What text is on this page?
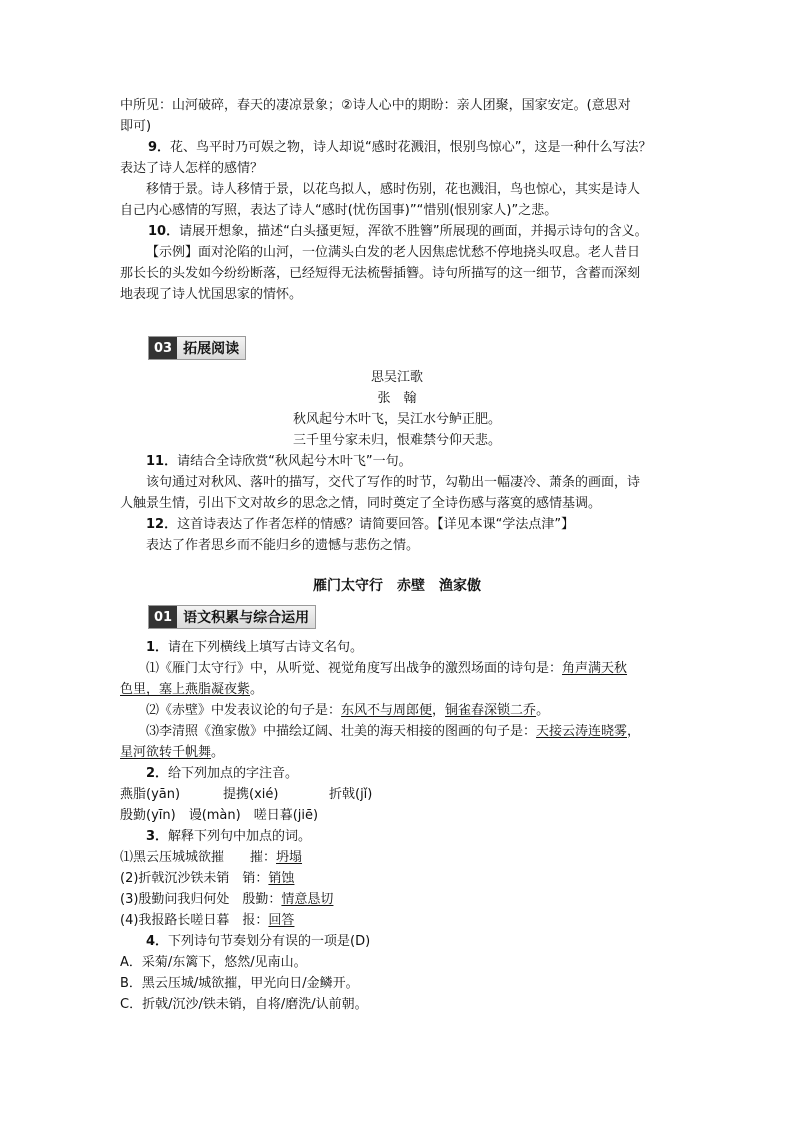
中所见：山河破碎，春天的凄凉景象；②诗人心中的期盼：亲人团聚，国家安定。(意思对
即可)
9．花、鸟平时乃可娱之物，诗人却说“感时花溅泪，恨别鸟惊心”，这是一种什么写法？
表达了诗人怎样的感情？
移情于景。诗人移情于景，以花鸟拟人，感时伤别，花也溅泪，鸟也惊心，其实是诗人
自己内心感情的写照，表达了诗人“感时(忧伤国事)”“惜别(恨别家人)”之悲。
10．请展开想象，描述“白头搔更短，浑欲不胜簪”所展现的画面，并揭示诗句的含义。
【示例】面对沦陷的山河，一位满头白发的老人因焦虑忧愁不停地挠头叹息。老人昔日
那长长的头发如今纷纷断落，已经短得无法梳髻插簪。诗句所描写的这一细节，含蓄而深刻
地表现了诗人忧国思家的情怀。
03 拓展阅读
思吴江歌
张　翰
秋风起兮木叶飞，吴江水兮鲈正肥。
三千里兮家未归，恨难禁兮仰天悲。
11．请结合全诗欣赏“秋风起兮木叶飞”一句。
该句通过对秋风、落叶的描写，交代了写作的时节，勾勒出一幅凄冷、萧条的画面，诗
人触景生情，引出下文对故乡的思念之情，同时奠定了全诗伤感与落寞的感情基调。
12．这首诗表达了作者怎样的情感？请简要回答。【详见本课“学法点津”】
表达了作者思乡而不能归乡的遗憾与悲伤之情。
雁门太守行　赤壁　渔家傲
01 语文积累与综合运用
1．请在下列横线上填写古诗文名句。
⑴《雁门太守行》中，从听觉、视觉角度写出战争的激烈场面的诗句是：角声满天秋
色里，塞上燕脂凝夜紫。
⑵《赤壁》中发表议论的句子是：东风不与周郎便，铜雀春深锁二乔。
⑶李清照《渔家傲》中描绘辽阔、壮美的海天相接的图画的句子是：天接云涛连晓雾，
星河欲转千帆舞。
2．给下列加点的字注音。
燕脂(yān)	提携(xié)	折戟(jǐ)
殷勤(yīn)　谩(màn)　嗟日暮(jiē)
3．解释下列句中加点的词。
⑴黑云压城城欲摧　　摧：坍塌
(2)折戟沉沙铁未销　销：销蚀
(3)殷勤问我归何处　殷勤：情意恳切
(4)我报路长嗟日暮　报：回答
4．下列诗句节奏划分有误的一项是(D)
A．采菊/东篱下，悠然/见南山。
B．黑云压城/城欲摧，甲光向日/金鳞开。
C．折戟/沉沙/铁未销，自将/磨洗/认前朝。
